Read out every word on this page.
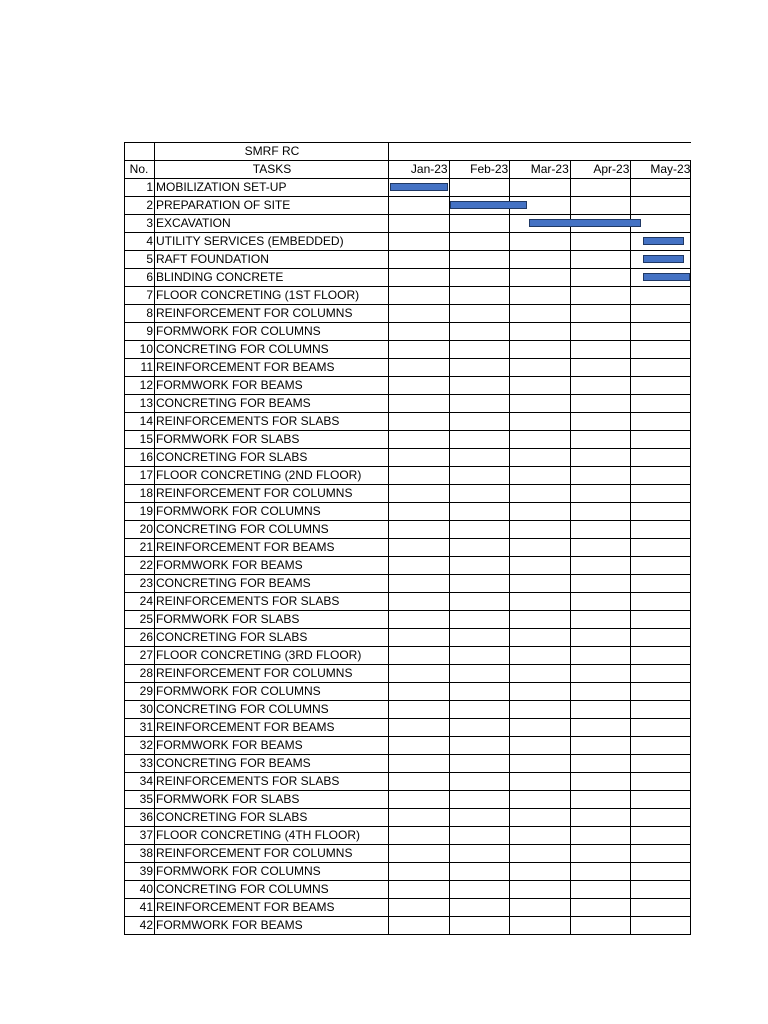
	SMRF RC					
No.	TASKS	Jan-23	Feb-23	Mar-23	Apr-23	May-23
1	MOBILIZATION SET-UP					
2	PREPARATION OF SITE					
3	EXCAVATION					
4	UTILITY SERVICES (EMBEDDED)					
5	RAFT FOUNDATION					
6	BLINDING CONCRETE					
7	FLOOR CONCRETING (1ST FLOOR)					
8	REINFORCEMENT FOR COLUMNS					
9	FORMWORK FOR COLUMNS					
10	CONCRETING FOR COLUMNS					
11	REINFORCEMENT FOR BEAMS					
12	FORMWORK FOR BEAMS					
13	CONCRETING FOR BEAMS					
14	REINFORCEMENTS FOR SLABS					
15	FORMWORK FOR SLABS					
16	CONCRETING FOR SLABS					
17	FLOOR CONCRETING (2ND FLOOR)					
18	REINFORCEMENT FOR COLUMNS					
19	FORMWORK FOR COLUMNS					
20	CONCRETING FOR COLUMNS					
21	REINFORCEMENT FOR BEAMS					
22	FORMWORK FOR BEAMS					
23	CONCRETING FOR BEAMS					
24	REINFORCEMENTS FOR SLABS					
25	FORMWORK FOR SLABS					
26	CONCRETING FOR SLABS					
27	FLOOR CONCRETING (3RD FLOOR)					
28	REINFORCEMENT FOR COLUMNS					
29	FORMWORK FOR COLUMNS					
30	CONCRETING FOR COLUMNS					
31	REINFORCEMENT FOR BEAMS					
32	FORMWORK FOR BEAMS					
33	CONCRETING FOR BEAMS					
34	REINFORCEMENTS FOR SLABS					
35	FORMWORK FOR SLABS					
36	CONCRETING FOR SLABS					
37	FLOOR CONCRETING (4TH FLOOR)					
38	REINFORCEMENT FOR COLUMNS					
39	FORMWORK FOR COLUMNS					
40	CONCRETING FOR COLUMNS					
41	REINFORCEMENT FOR BEAMS					
42	FORMWORK FOR BEAMS					
